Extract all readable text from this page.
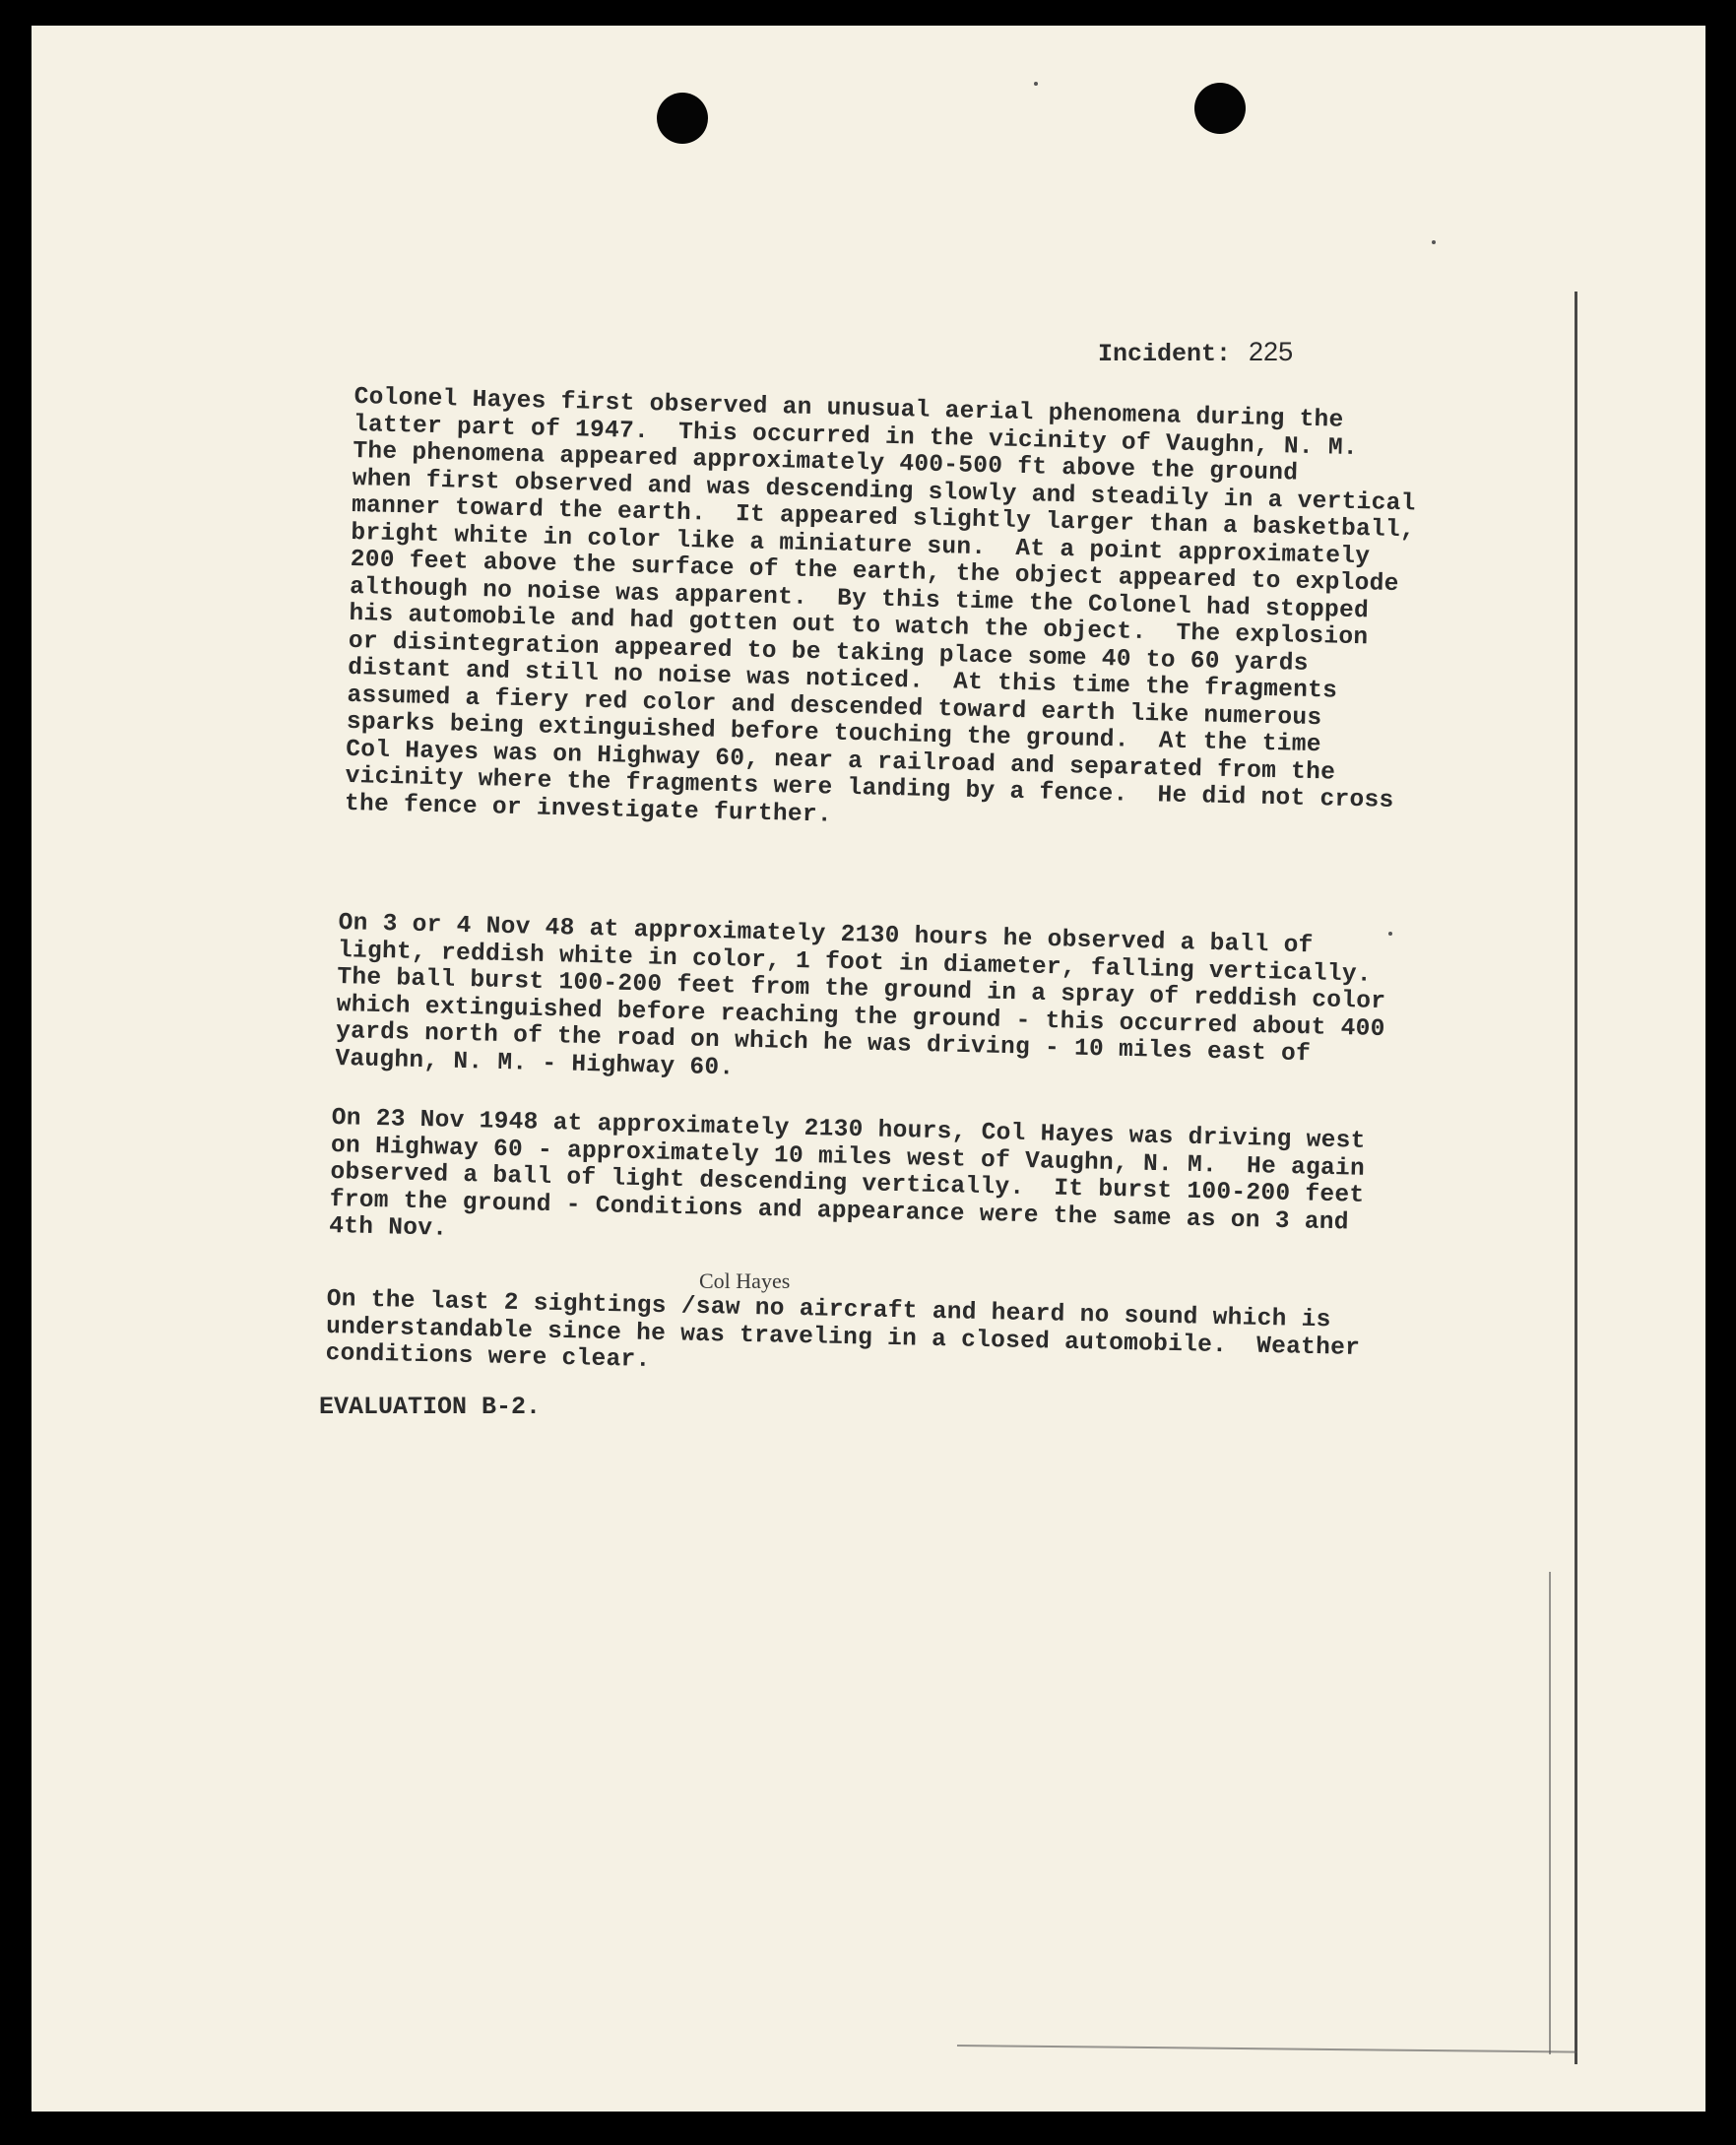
Incident: 225

Colonel Hayes first observed an unusual aerial phenomena during the
latter part of 1947.  This occurred in the vicinity of Vaughn, N. M.
The phenomena appeared approximately 400-500 ft above the ground
when first observed and was descending slowly and steadily in a vertical
manner toward the earth.  It appeared slightly larger than a basketball,
bright white in color like a miniature sun.  At a point approximately
200 feet above the surface of the earth, the object appeared to explode
although no noise was apparent.  By this time the Colonel had stopped
his automobile and had gotten out to watch the object.  The explosion
or disintegration appeared to be taking place some 40 to 60 yards
distant and still no noise was noticed.  At this time the fragments
assumed a fiery red color and descended toward earth like numerous
sparks being extinguished before touching the ground.  At the time
Col Hayes was on Highway 60, near a railroad and separated from the
vicinity where the fragments were landing by a fence.  He did not cross
the fence or investigate further.

On 3 or 4 Nov 48 at approximately 2130 hours he observed a ball of
light, reddish white in color, 1 foot in diameter, falling vertically.
The ball burst 100-200 feet from the ground in a spray of reddish color
which extinguished before reaching the ground - this occurred about 400
yards north of the road on which he was driving - 10 miles east of
Vaughn, N. M. - Highway 60.

On 23 Nov 1948 at approximately 2130 hours, Col Hayes was driving west
on Highway 60 - approximately 10 miles west of Vaughn, N. M.  He again
observed a ball of light descending vertically.  It burst 100-200 feet
from the ground - Conditions and appearance were the same as on 3 and
4th Nov.

Col Hayes

On the last 2 sightings /saw no aircraft and heard no sound which is
understandable since he was traveling in a closed automobile.  Weather
conditions were clear.

EVALUATION B-2.
